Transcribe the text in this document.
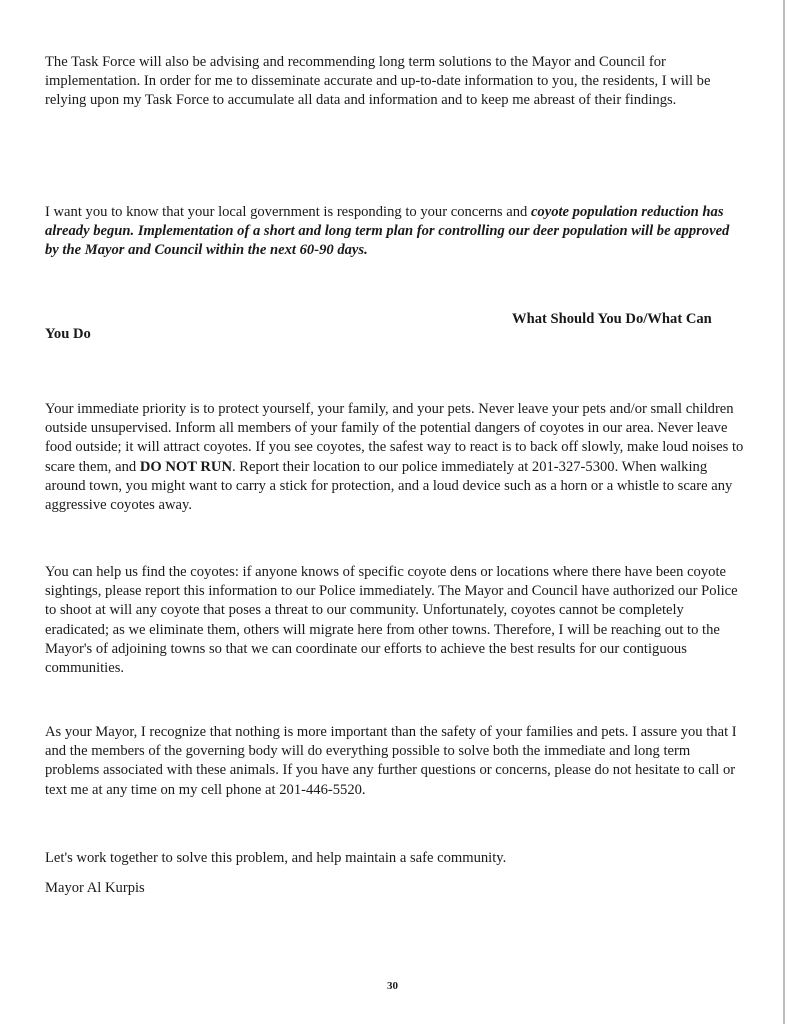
The Task Force will also be advising and recommending long term solutions to the Mayor and Council for implementation. In order for me to disseminate accurate and up-to-date information to you, the residents, I will be relying upon my Task Force to accumulate all data and information and to keep me abreast of their findings.

I want you to know that your local government is responding to your concerns and coyote population reduction has already begun. Implementation of a short and long term plan for controlling our deer population will be approved by the Mayor and Council within the next 60-90 days.

What Should You Do/What Can
You Do

Your immediate priority is to protect yourself, your family, and your pets. Never leave your pets and/or small children outside unsupervised. Inform all members of your family of the potential dangers of coyotes in our area. Never leave food outside; it will attract coyotes. If you see coyotes, the safest way to react is to back off slowly, make loud noises to scare them, and DO NOT RUN. Report their location to our police immediately at 201-327-5300. When walking around town, you might want to carry a stick for protection, and a loud device such as a horn or a whistle to scare any aggressive coyotes away.

You can help us find the coyotes: if anyone knows of specific coyote dens or locations where there have been coyote sightings, please report this information to our Police immediately. The Mayor and Council have authorized our Police to shoot at will any coyote that poses a threat to our community. Unfortunately, coyotes cannot be completely eradicated; as we eliminate them, others will migrate here from other towns. Therefore, I will be reaching out to the Mayor's of adjoining towns so that we can coordinate our efforts to achieve the best results for our contiguous communities.

As your Mayor, I recognize that nothing is more important than the safety of your families and pets. I assure you that I and the members of the governing body will do everything possible to solve both the immediate and long term problems associated with these animals. If you have any further questions or concerns, please do not hesitate to call or text me at any time on my cell phone at 201-446-5520.

Let's work together to solve this problem, and help maintain a safe community.

Mayor Al Kurpis
30
